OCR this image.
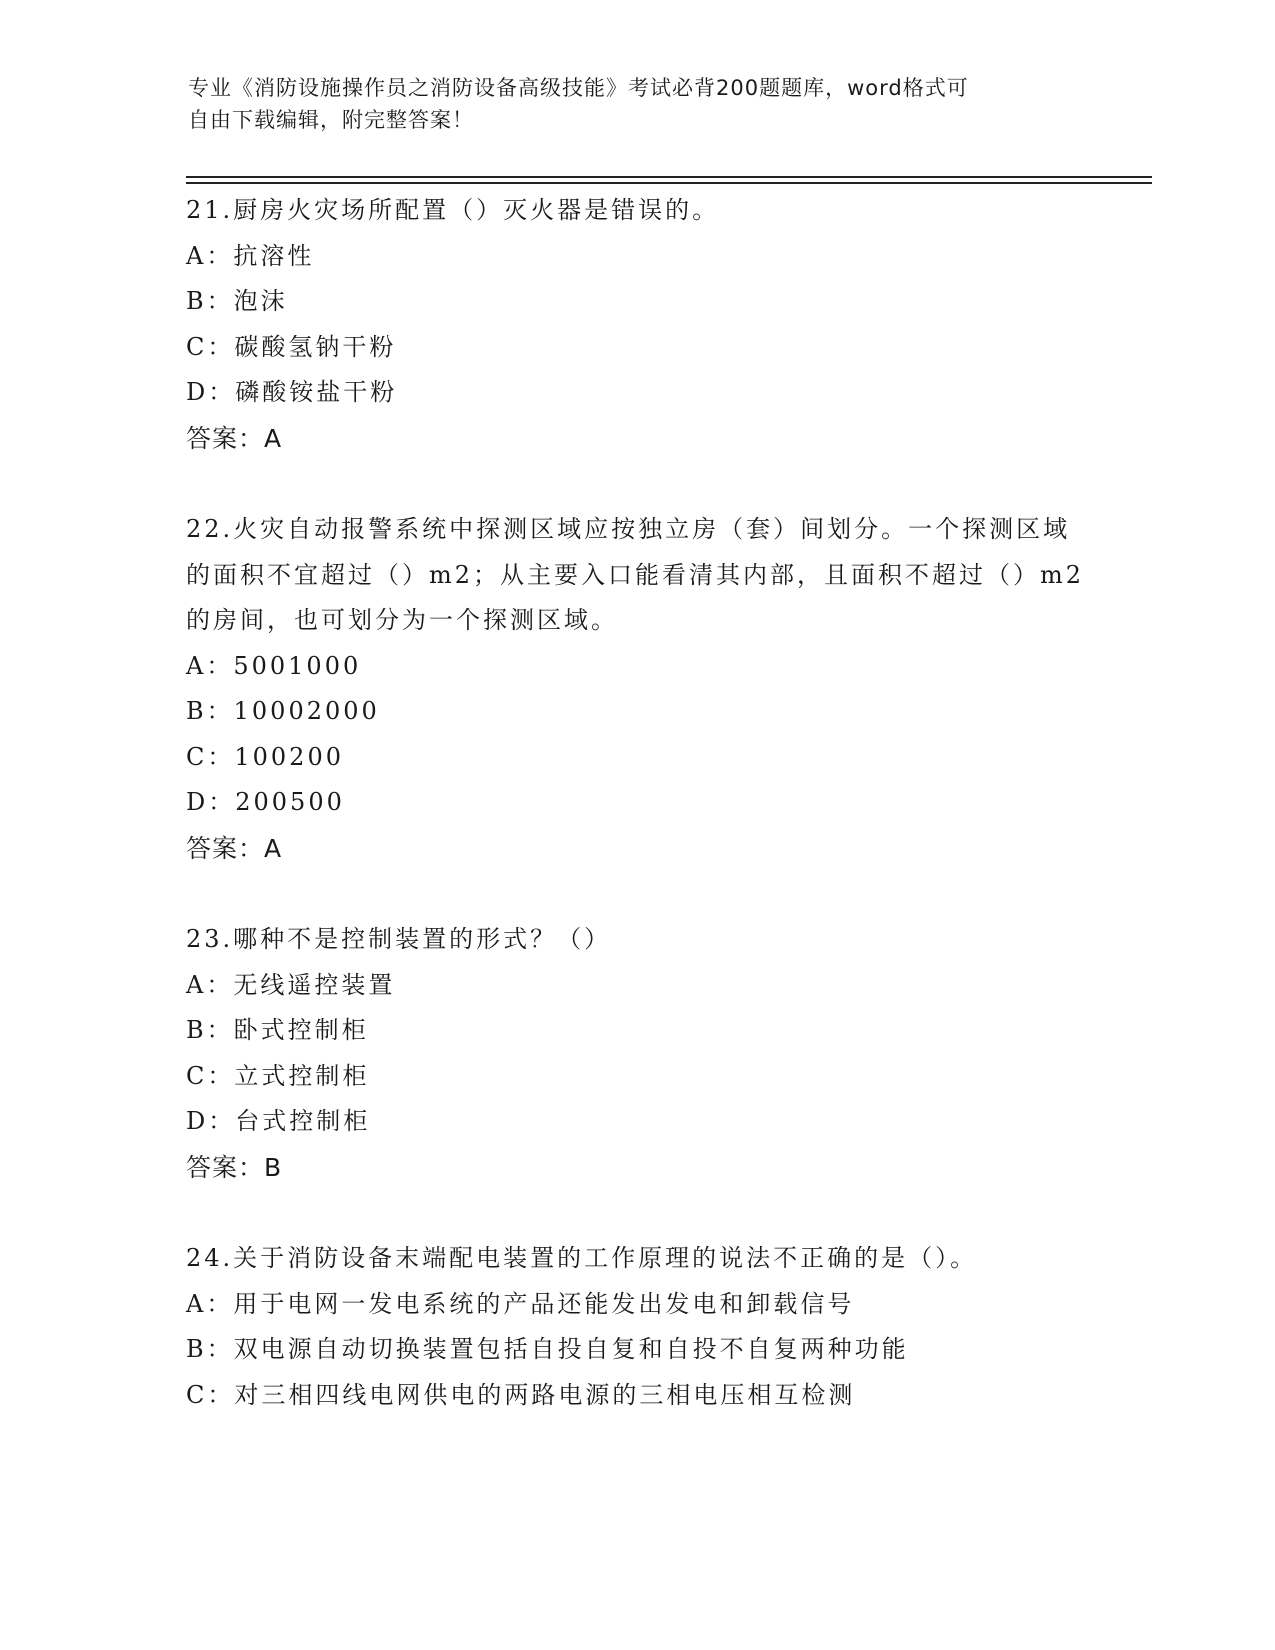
专业《消防设施操作员之消防设备高级技能》考试必背200题题库，word格式可
自由下载编辑，附完整答案！

21.厨房火灾场所配置（）灭火器是错误的。

A：抗溶性
B：泡沫
C：碳酸氢钠干粉
D：磷酸铵盐干粉
答案：A

22.火灾自动报警系统中探测区域应按独立房（套）间划分。一个探测区域的面积不宜超过（）m2；从主要入口能看清其内部，且面积不超过（）m2的房间，也可划分为一个探测区域。

A：5001000
B：10002000
C：100200
D：200500
答案：A

23.哪种不是控制装置的形式？（）

A：无线遥控装置
B：卧式控制柜
C：立式控制柜
D：台式控制柜
答案：B

24.关于消防设备末端配电装置的工作原理的说法不正确的是（）。

A：用于电网一发电系统的产品还能发出发电和卸载信号
B：双电源自动切换装置包括自投自复和自投不自复两种功能
C：对三相四线电网供电的两路电源的三相电压相互检测
